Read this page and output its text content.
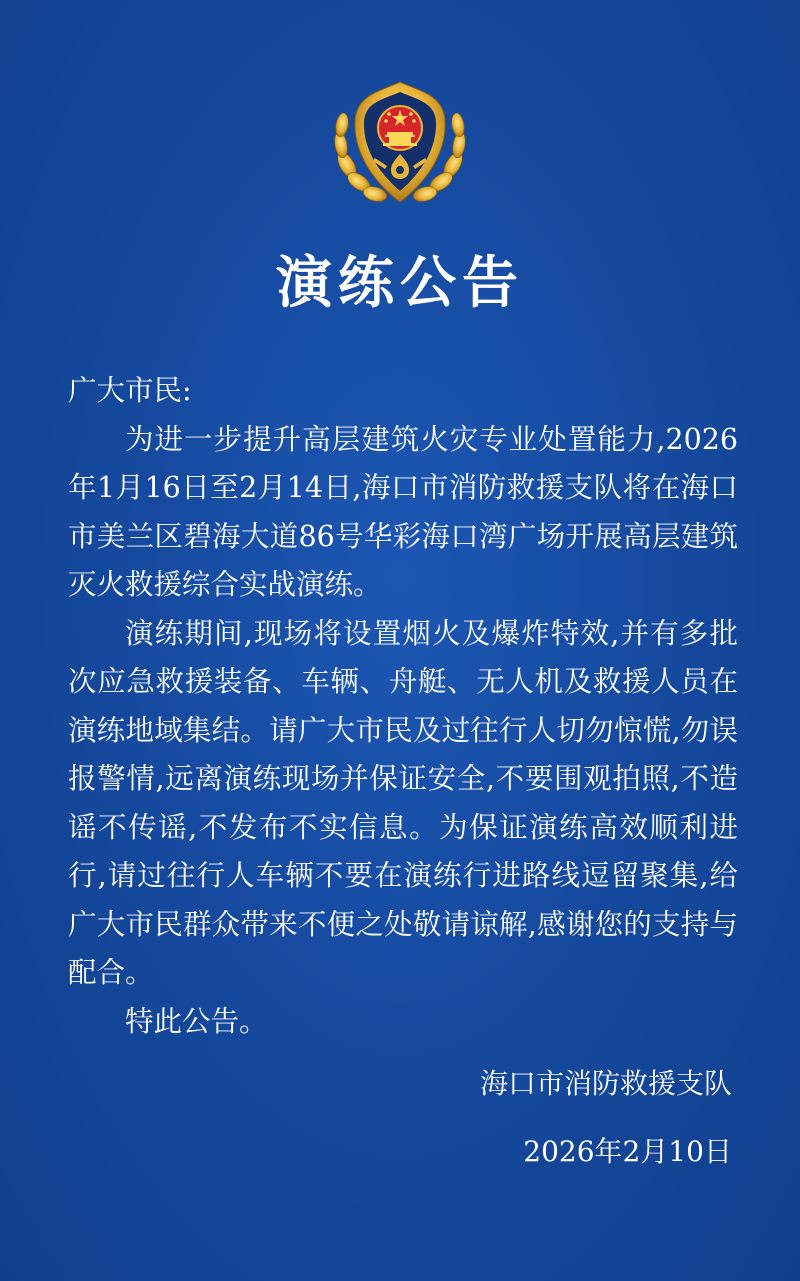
演练公告

广大市民:

为进一步提升高层建筑火灾专业处置能力,2026年1月16日至2月14日,海口市消防救援支队将在海口市美兰区碧海大道86号华彩海口湾广场开展高层建筑灭火救援综合实战演练。

演练期间,现场将设置烟火及爆炸特效,并有多批次应急救援装备、车辆、舟艇、无人机及救援人员在演练地域集结。请广大市民及过往行人切勿惊慌,勿误报警情,远离演练现场并保证安全,不要围观拍照,不造谣不传谣,不发布不实信息。为保证演练高效顺利进行,请过往行人车辆不要在演练行进路线逗留聚集,给广大市民群众带来不便之处敬请谅解,感谢您的支持与配合。

特此公告。

海口市消防救援支队
2026年2月10日
